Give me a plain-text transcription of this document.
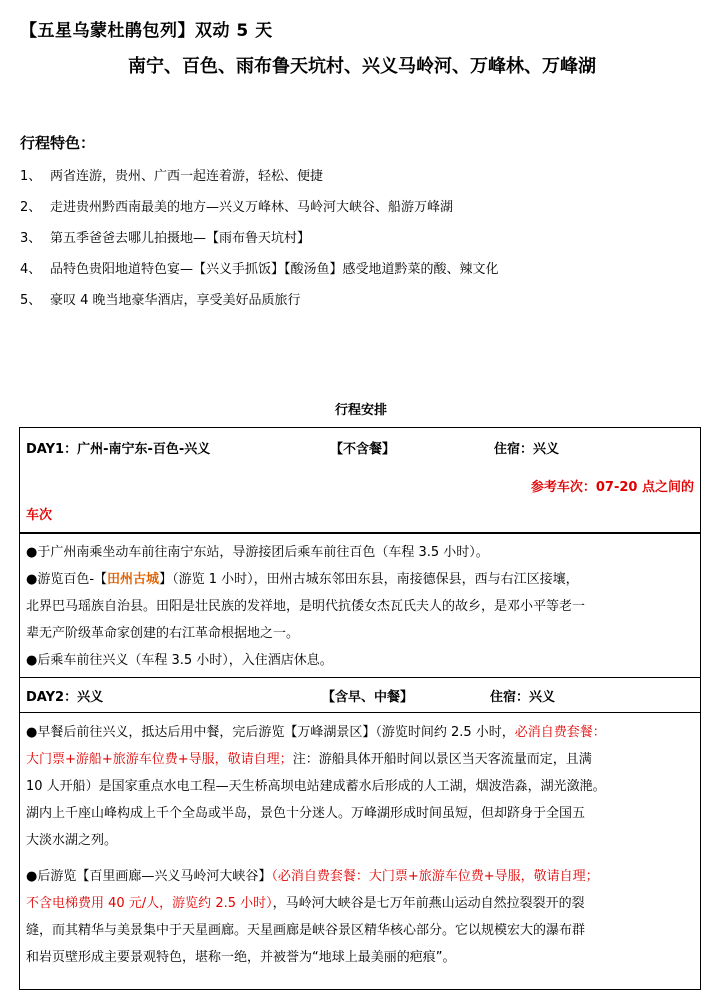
【五星乌蒙杜鹃包列】双动 5 天
南宁、百色、雨布鲁天坑村、兴义马岭河、万峰林、万峰湖
行程特色：
1、 两省连游，贵州、广西一起连着游，轻松、便捷
2、 走进贵州黔西南最美的地方—兴义万峰林、马岭河大峡谷、船游万峰湖
3、 第五季爸爸去哪儿拍摄地—【雨布鲁天坑村】
4、 品特色贵阳地道特色宴—【兴义手抓饭】【酸汤鱼】感受地道黔菜的酸、辣文化
5、 豪叹 4 晚当地豪华酒店，享受美好品质旅行
行程安排
DAY1：广州-南宁东-百色-兴义	【不含餐】	住宿：兴义
参考车次：07-20 点之间的
车次

●于广州南乘坐动车前往南宁东站，导游接团后乘车前往百色（车程 3.5 小时）。

●游览百色-【田州古城】（游览 1 小时），田州古城东邻田东县，南接德保县，西与右江区接壤，

北界巴马瑶族自治县。田阳是壮民族的发祥地，是明代抗倭女杰瓦氏夫人的故乡，是邓小平等老一

辈无产阶级革命家创建的右江革命根据地之一。

●后乘车前往兴义（车程 3.5 小时），入住酒店休息。

DAY2：兴义	【含早、中餐】	住宿：兴义

●早餐后前往兴义，抵达后用中餐，完后游览【万峰湖景区】（游览时间约 2.5 小时，必消自费套餐：

大门票+游船+旅游车位费+导服，敬请自理；注：游船具体开船时间以景区当天客流量而定，且满

10 人开船）是国家重点水电工程—天生桥高坝电站建成蓄水后形成的人工湖，烟波浩淼，湖光潋滟。

湖内上千座山峰构成上千个全岛或半岛，景色十分迷人。万峰湖形成时间虽短，但却跻身于全国五

大淡水湖之列。

●后游览【百里画廊—兴义马岭河大峡谷】（必消自费套餐：大门票+旅游车位费+导服，敬请自理；

不含电梯费用 40 元/人，游览约 2.5 小时），马岭河大峡谷是七万年前燕山运动自然拉裂裂开的裂

缝，而其精华与美景集中于天星画廊。天星画廊是峡谷景区精华核心部分。它以规模宏大的瀑布群

和岩页壁形成主要景观特色，堪称一绝，并被誉为“地球上最美丽的疤痕”。
